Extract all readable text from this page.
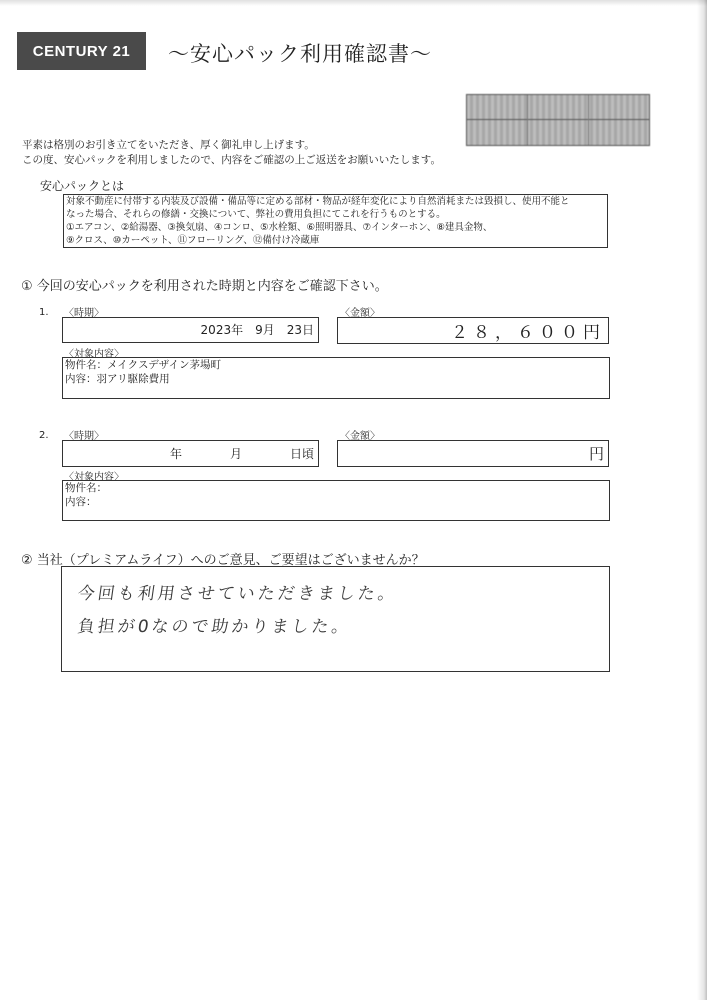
CENTURY 21	〜安心パック利用確認書〜
平素は格別のお引き立てをいただき、厚く御礼申し上げます。
この度、安心パックを利用しましたので、内容をご確認の上ご返送をお願いいたします。
安心パックとは
対象不動産に付帯する内装及び設備・備品等に定める部材・物品が経年変化により自然消耗または毀損し、使用不能と
なった場合、それらの修繕・交換について、弊社の費用負担にてこれを行うものとする。
①エアコン、②給湯器、③換気扇、④コンロ、⑤水栓類、⑥照明器具、⑦インターホン、⑧建具金物、
⑨クロス、⑩カーペット、⑪フローリング、⑫備付け冷蔵庫
① 今回の安心パックを利用された時期と内容をご確認下さい。
1. 〈時期〉
2023年　9月　23日
〈金額〉
２８，６００円
〈対象内容〉
物件名：メイクスデザイン茅場町
内容：羽アリ駆除費用
2. 〈時期〉
年　　　　月　　　　日頃
〈金額〉
円
〈対象内容〉
物件名：
内容：
② 当社（プレミアムライフ）へのご意見、ご要望はございませんか？
今回も利用させていただきました。
負担が0なので助かりました。
